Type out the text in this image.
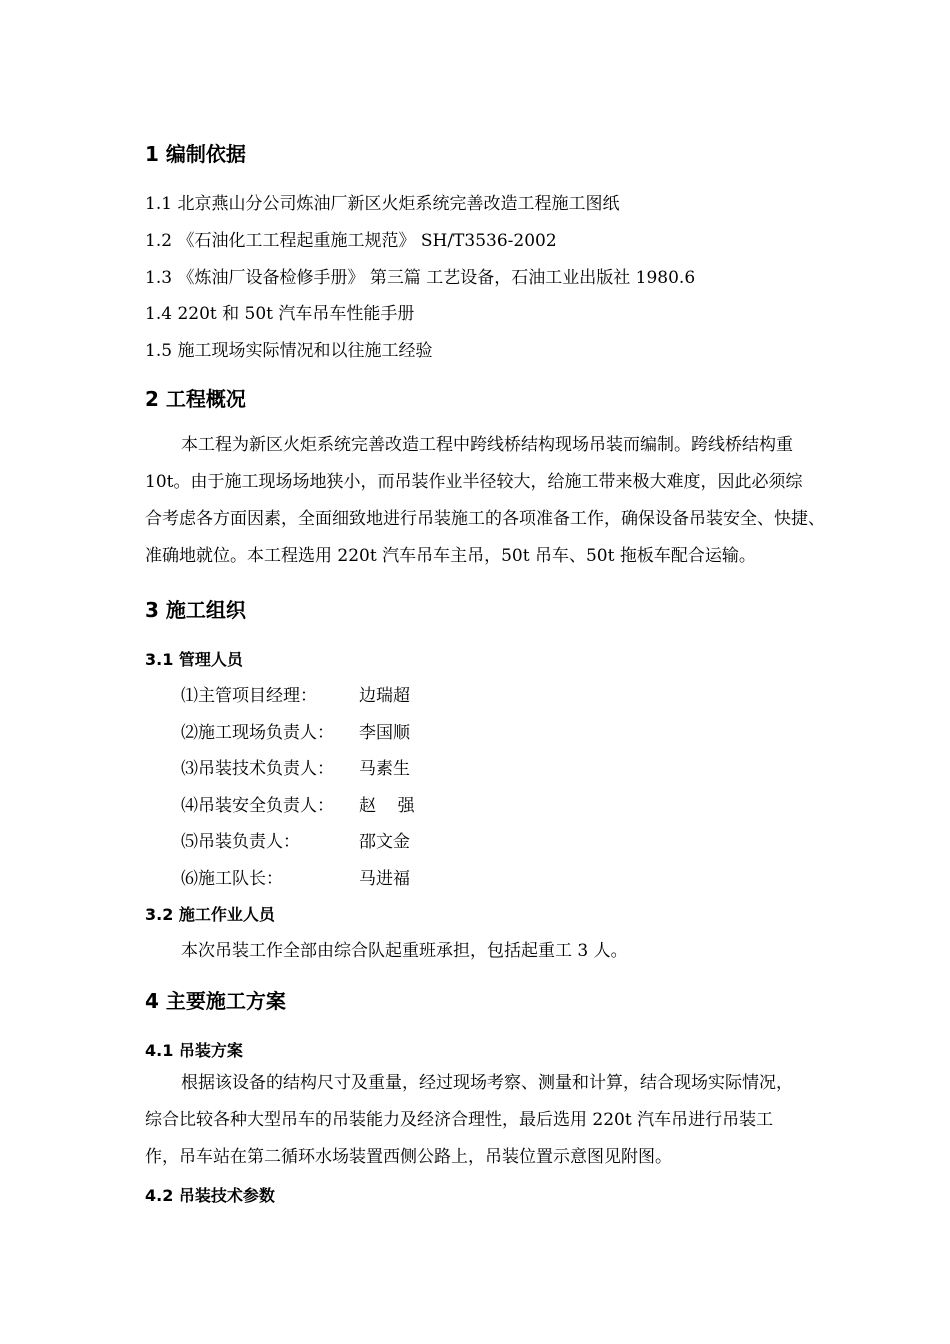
1 编制依据
1.1 北京燕山分公司炼油厂新区火炬系统完善改造工程施工图纸
1.2 《石油化工工程起重施工规范》 SH/T3536-2002
1.3 《炼油厂设备检修手册》 第三篇 工艺设备，石油工业出版社 1980.6
1.4 220t 和 50t 汽车吊车性能手册
1.5 施工现场实际情况和以往施工经验
2 工程概况
本工程为新区火炬系统完善改造工程中跨线桥结构现场吊装而编制。跨线桥结构重
10t。由于施工现场场地狭小，而吊装作业半径较大，给施工带来极大难度，因此必须综
合考虑各方面因素，全面细致地进行吊装施工的各项准备工作，确保设备吊装安全、快捷、
准确地就位。本工程选用 220t 汽车吊车主吊，50t 吊车、50t 拖板车配合运输。
3 施工组织
3.1 管理人员
⑴主管项目经理： 边瑞超
⑵施工现场负责人： 李国顺
⑶吊装技术负责人： 马素生
⑷吊装安全负责人： 赵    强
⑸吊装负责人：	邵文金
⑹施工队长：	马进福
3.2 施工作业人员
本次吊装工作全部由综合队起重班承担，包括起重工 3 人。
4 主要施工方案
4.1 吊装方案
根据该设备的结构尺寸及重量，经过现场考察、测量和计算，结合现场实际情况，
综合比较各种大型吊车的吊装能力及经济合理性，最后选用 220t 汽车吊进行吊装工
作，吊车站在第二循环水场装置西侧公路上，吊装位置示意图见附图。
4.2 吊装技术参数
